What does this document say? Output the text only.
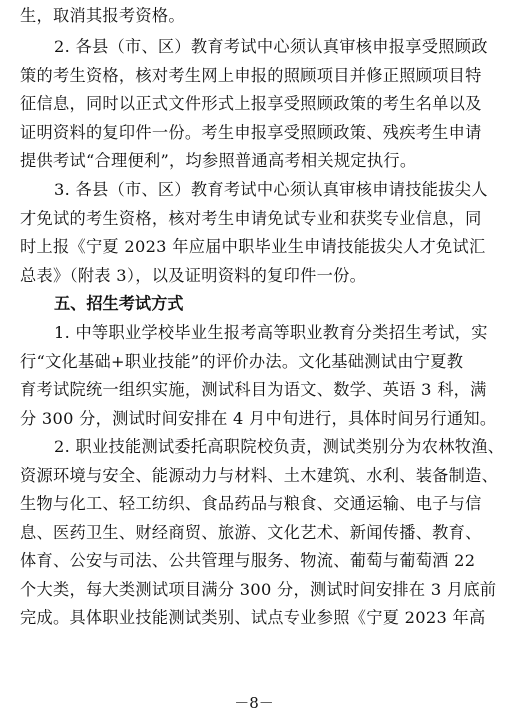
生，取消其报考资格。

2. 各县（市、区）教育考试中心须认真审核申报享受照顾政
策的考生资格，核对考生网上申报的照顾项目并修正照顾项目特
征信息，同时以正式文件形式上报享受照顾政策的考生名单以及
证明资料的复印件一份。考生申报享受照顾政策、残疾考生申请
提供考试“合理便利”，均参照普通高考相关规定执行。

3. 各县（市、区）教育考试中心须认真审核申请技能拔尖人
才免试的考生资格，核对考生申请免试专业和获奖专业信息，同
时上报《宁夏 2023 年应届中职毕业生申请技能拔尖人才免试汇
总表》（附表 3），以及证明资料的复印件一份。

五、招生考试方式

1. 中等职业学校毕业生报考高等职业教育分类招生考试，实
行“文化基础+职业技能”的评价办法。文化基础测试由宁夏教
育考试院统一组织实施，测试科目为语文、数学、英语 3 科，满
分 300 分，测试时间安排在 4 月中旬进行，具体时间另行通知。

2. 职业技能测试委托高职院校负责，测试类别分为农林牧渔、
资源环境与安全、能源动力与材料、土木建筑、水利、装备制造、
生物与化工、轻工纺织、食品药品与粮食、交通运输、电子与信
息、医药卫生、财经商贸、旅游、文化艺术、新闻传播、教育、
体育、公安与司法、公共管理与服务、物流、葡萄与葡萄酒 22
个大类，每大类测试项目满分 300 分，测试时间安排在 3 月底前
完成。具体职业技能测试类别、试点专业参照《宁夏 2023 年高

－8－
